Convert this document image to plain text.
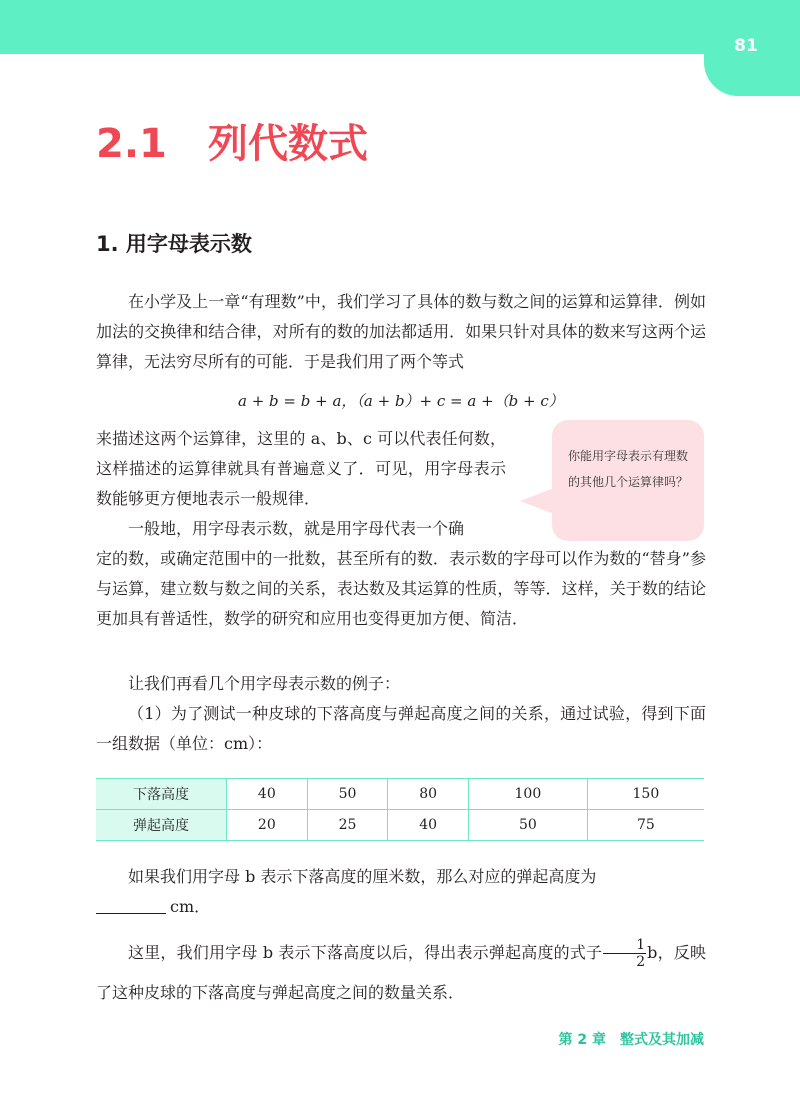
81
2.1 列代数式
1. 用字母表示数

在小学及上一章“有理数”中，我们学习了具体的数与数之间的运算和运算律．例如加法的交换律和结合律，对所有的数的加法都适用．如果只针对具体的数来写这两个运算律，无法穷尽所有的可能．于是我们用了两个等式

a + b = b + a，（a + b）+ c = a +（b + c）

来描述这两个运算律，这里的 a、b、c 可以代表任何数，这样描述的运算律就具有普遍意义了．可见，用字母表示数能够更方便地表示一般规律．

一般地，用字母表示数，就是用字母代表一个确

定的数，或确定范围中的一批数，甚至所有的数．表示数的字母可以作为数的“替身”参与运算，建立数与数之间的关系，表达数及其运算的性质，等等．这样，关于数的结论更加具有普适性，数学的研究和应用也变得更加方便、简洁．

你能用字母表示有理数的其他几个运算律吗？

让我们再看几个用字母表示数的例子：

（1）为了测试一种皮球的下落高度与弹起高度之间的关系，通过试验，得到下面一组数据（单位：cm）：

下落高度	40	50	80	100	150
弹起高度	20	25	40	50	75

如果我们用字母 b 表示下落高度的厘米数，那么对应的弹起高度为
cm．

这里，我们用字母 b 表示下落高度以后，得出表示弹起高度的式子 $\frac{1}{2}$ b，反映了这种皮球的下落高度与弹起高度之间的数量关系．

第 2 章　整式及其加减
